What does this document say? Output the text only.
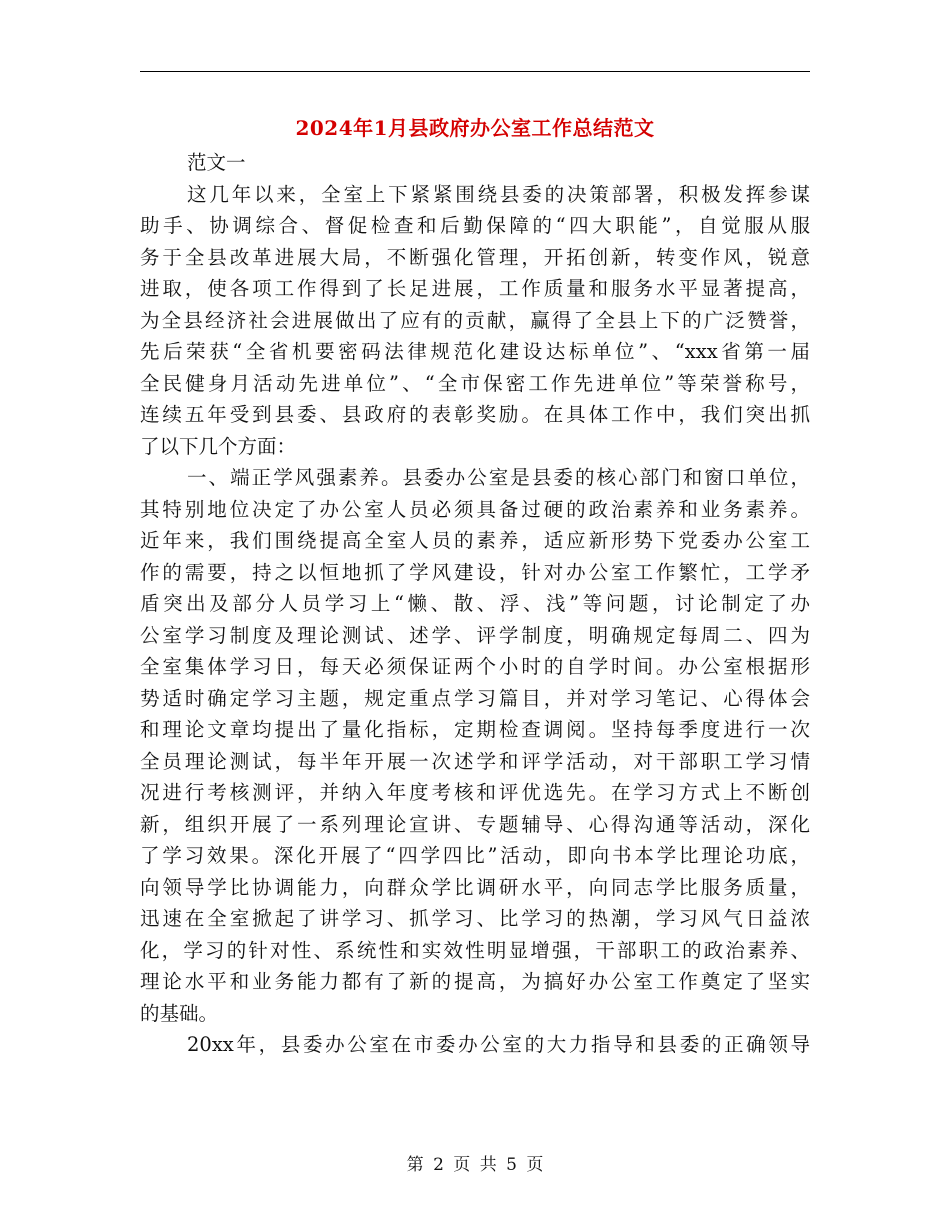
2024年1月县政府办公室工作总结范文
范文一
这几年以来，全室上下紧紧围绕县委的决策部署，积极发挥参谋
助手、协调综合、督促检查和后勤保障的“四大职能”，自觉服从服
务于全县改革进展大局，不断强化管理，开拓创新，转变作风，锐意
进取，使各项工作得到了长足进展，工作质量和服务水平显著提高，
为全县经济社会进展做出了应有的贡献，赢得了全县上下的广泛赞誉，
先后荣获“全省机要密码法律规范化建设达标单位”、“xxx省第一届
全民健身月活动先进单位”、“全市保密工作先进单位”等荣誉称号，
连续五年受到县委、县政府的表彰奖励。在具体工作中，我们突出抓
了以下几个方面：
一、端正学风强素养。县委办公室是县委的核心部门和窗口单位，
其特别地位决定了办公室人员必须具备过硬的政治素养和业务素养。
近年来，我们围绕提高全室人员的素养，适应新形势下党委办公室工
作的需要，持之以恒地抓了学风建设，针对办公室工作繁忙，工学矛
盾突出及部分人员学习上“懒、散、浮、浅”等问题，讨论制定了办
公室学习制度及理论测试、述学、评学制度，明确规定每周二、四为
全室集体学习日，每天必须保证两个小时的自学时间。办公室根据形
势适时确定学习主题，规定重点学习篇目，并对学习笔记、心得体会
和理论文章均提出了量化指标，定期检查调阅。坚持每季度进行一次
全员理论测试，每半年开展一次述学和评学活动，对干部职工学习情
况进行考核测评，并纳入年度考核和评优选先。在学习方式上不断创
新，组织开展了一系列理论宣讲、专题辅导、心得沟通等活动，深化
了学习效果。深化开展了“四学四比”活动，即向书本学比理论功底，
向领导学比协调能力，向群众学比调研水平，向同志学比服务质量，
迅速在全室掀起了讲学习、抓学习、比学习的热潮，学习风气日益浓
化，学习的针对性、系统性和实效性明显增强，干部职工的政治素养、
理论水平和业务能力都有了新的提高，为搞好办公室工作奠定了坚实
的基础。
20xx年，县委办公室在市委办公室的大力指导和县委的正确领导
第 2 页 共 5 页
